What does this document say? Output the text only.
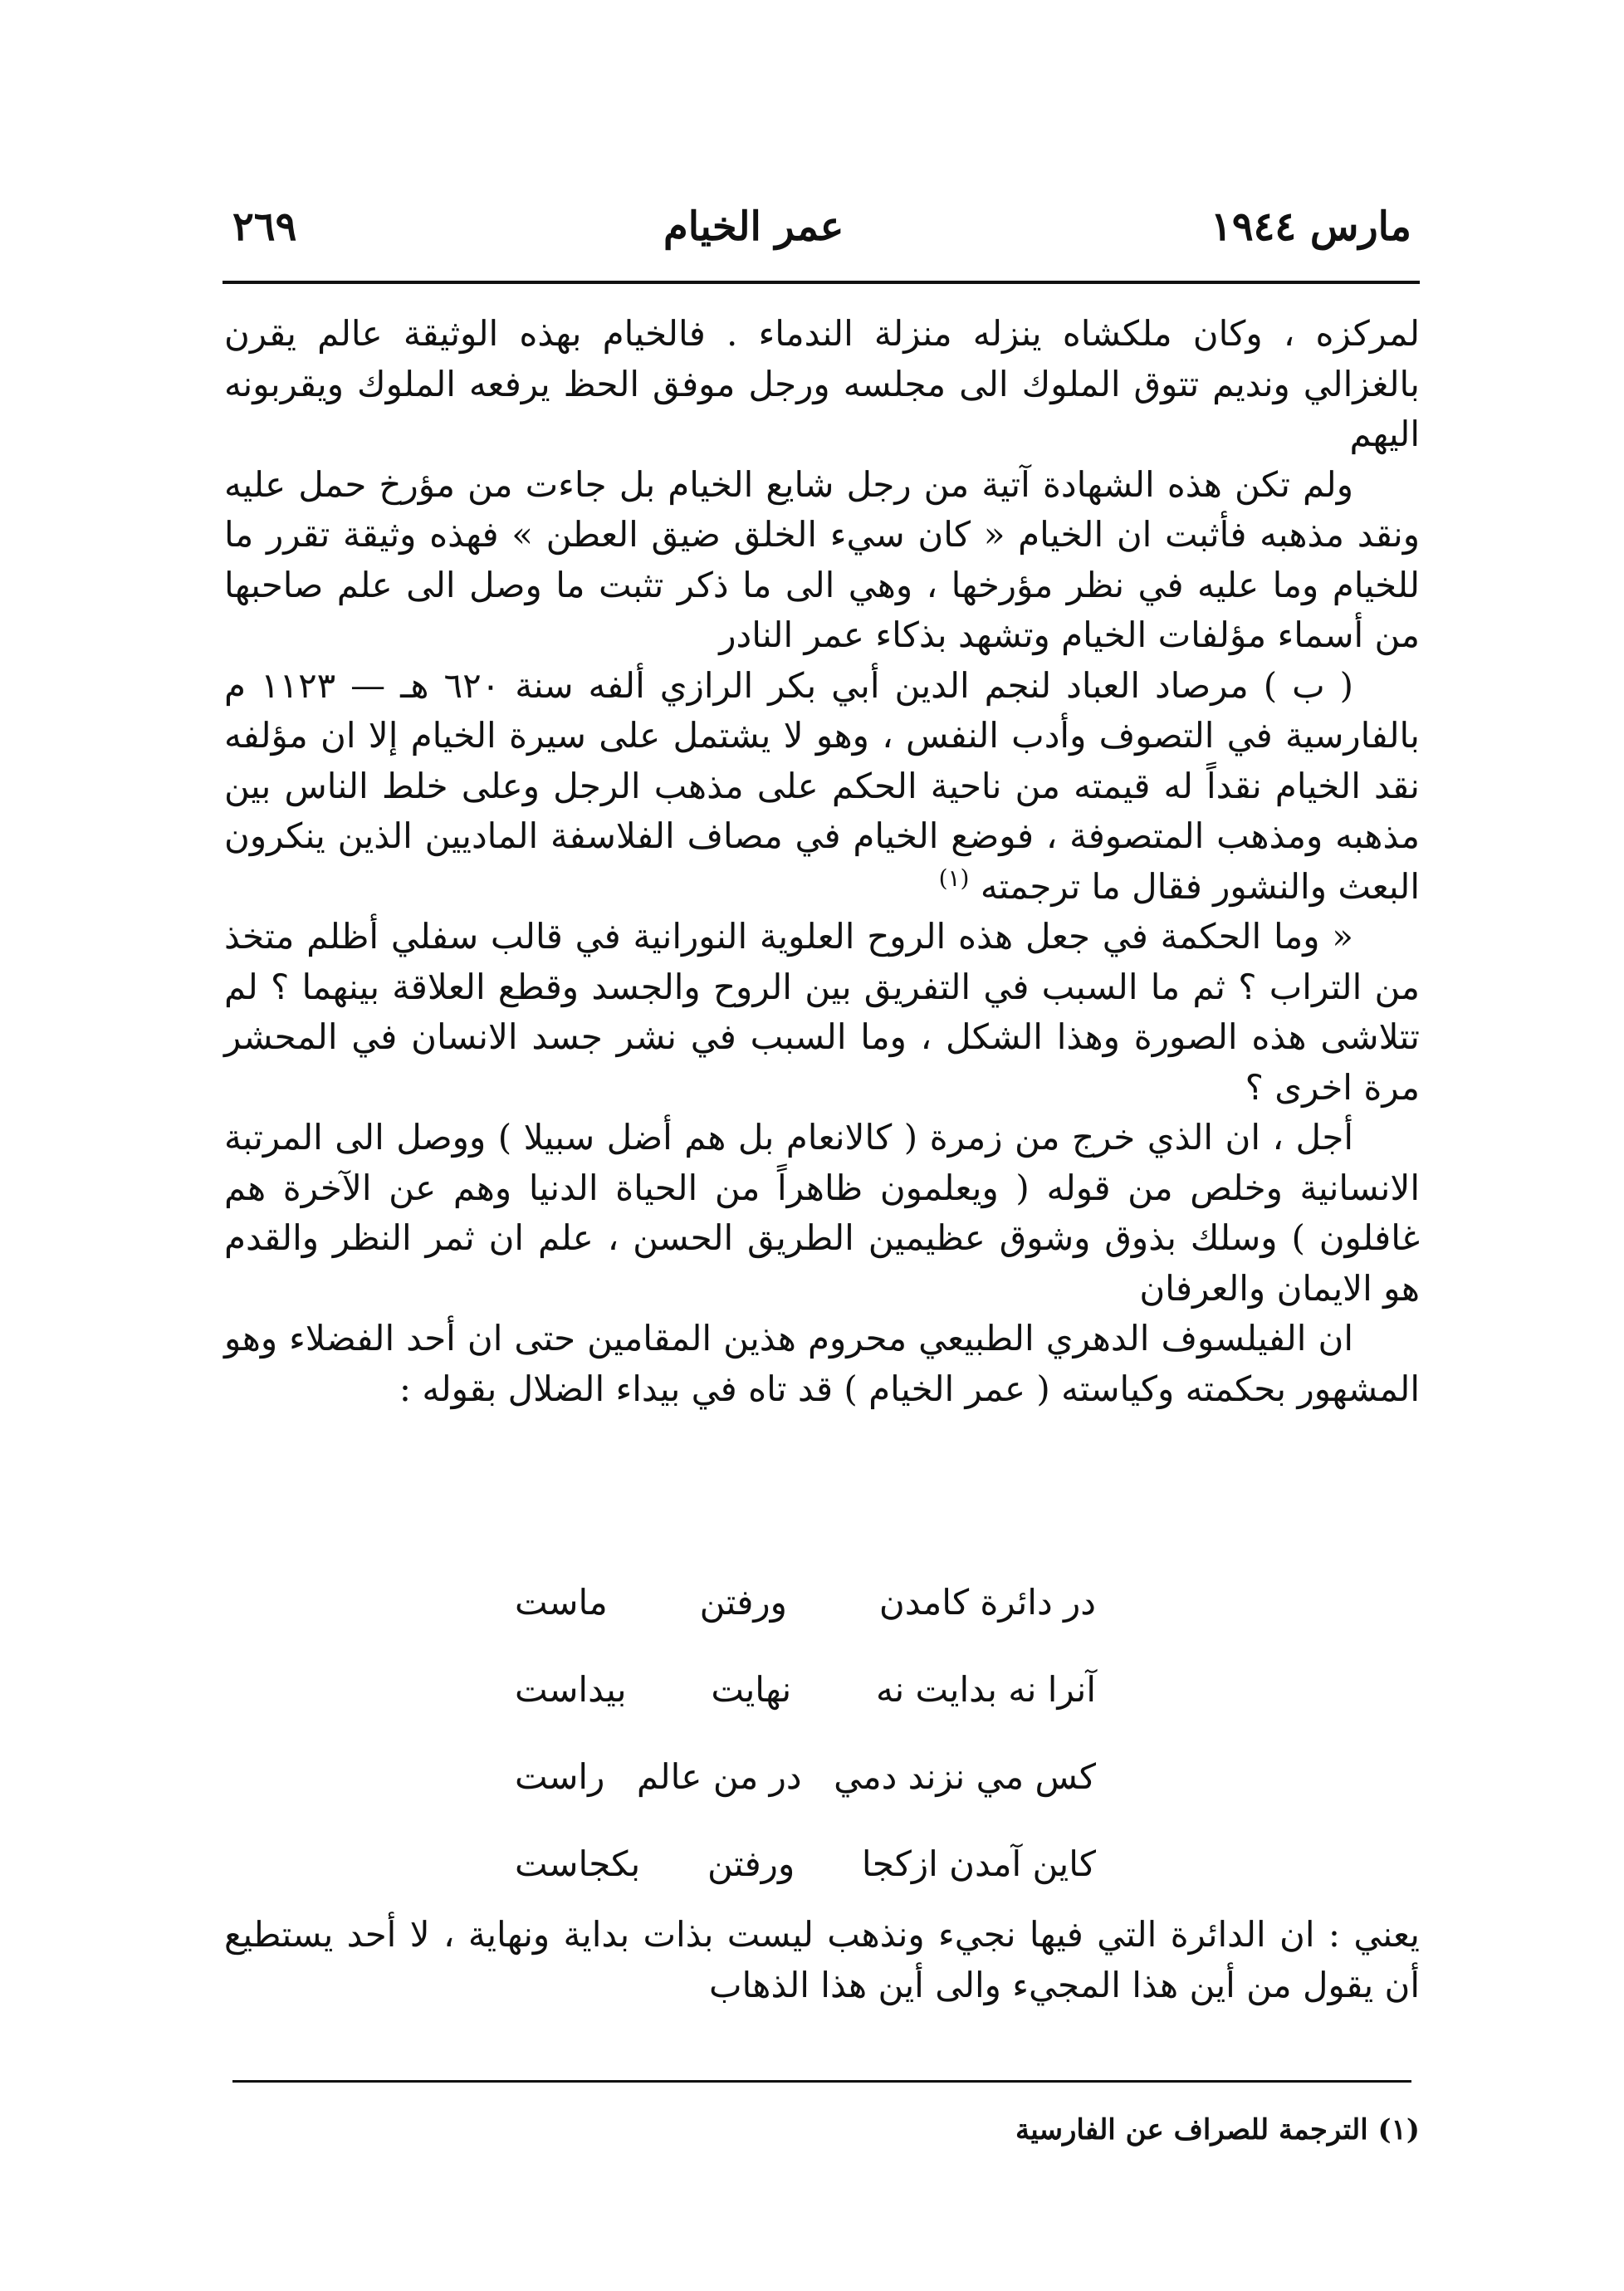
مارس ١٩٤٤
عمر الخيام
٢٦٩

لمركزه ، وكان ملكشاه ينزله منزلة الندماء . فالخيام بهذه الوثيقة عالم يقرن بالغزالي ونديم تتوق الملوك الى مجلسه ورجل موفق الحظ يرفعه الملوك ويقربونه اليهم

ولم تكن هذه الشهادة آتية من رجل شايع الخيام بل جاءت من مؤرخ حمل عليه ونقد مذهبه فأثبت ان الخيام « كان سيء الخلق ضيق العطن » فهذه وثيقة تقرر ما للخيام وما عليه في نظر مؤرخها ، وهي الى ما ذكر تثبت ما وصل الى علم صاحبها من أسماء مؤلفات الخيام وتشهد بذكاء عمر النادر

( ب ) مرصاد العباد لنجم الدين أبي بكر الرازي ألفه سنة ٦٢٠ هـ — ١١٢٣ م بالفارسية في التصوف وأدب النفس ، وهو لا يشتمل على سيرة الخيام إلا ان مؤلفه نقد الخيام نقداً له قيمته من ناحية الحكم على مذهب الرجل وعلى خلط الناس بين مذهبه ومذهب المتصوفة ، فوضع الخيام في مصاف الفلاسفة الماديين الذين ينكرون البعث والنشور فقال ما ترجمته $^{(١)}$

« وما الحكمة في جعل هذه الروح العلوية النورانية في قالب سفلي أظلم متخذ من التراب ؟ ثم ما السبب في التفريق بين الروح والجسد وقطع العلاقة بينهما ؟ لم تتلاشى هذه الصورة وهذا الشكل ، وما السبب في نشر جسد الانسان في المحشر مرة اخرى ؟

أجل ، ان الذي خرج من زمرة ( كالانعام بل هم أضل سبيلا ) ووصل الى المرتبة الانسانية وخلص من قوله ( ويعلمون ظاهراً من الحياة الدنيا وهم عن الآخرة هم غافلون ) وسلك بذوق وشوق عظيمين الطريق الحسن ، علم ان ثمر النظر والقدم هو الايمان والعرفان

ان الفيلسوف الدهري الطبيعي محروم هذين المقامين حتى ان أحد الفضلاء وهو المشهور بحكمته وكياسته ( عمر الخيام ) قد تاه في بيداء الضلال بقوله :

در دائرة كامدن
ورفتن
ماست
آنرا نه بدايت نه
نهايت
بيداست
كس مي نزند دمي
در من عالم
راست
كاين آمدن ازكجا
ورفتن
بكجاست

يعني : ان الدائرة التي فيها نجيء ونذهب ليست بذات بداية ونهاية ، لا أحد يستطيع أن يقول من أين هذا المجيء والى أين هذا الذهاب

(١) الترجمة للصراف عن الفارسية
